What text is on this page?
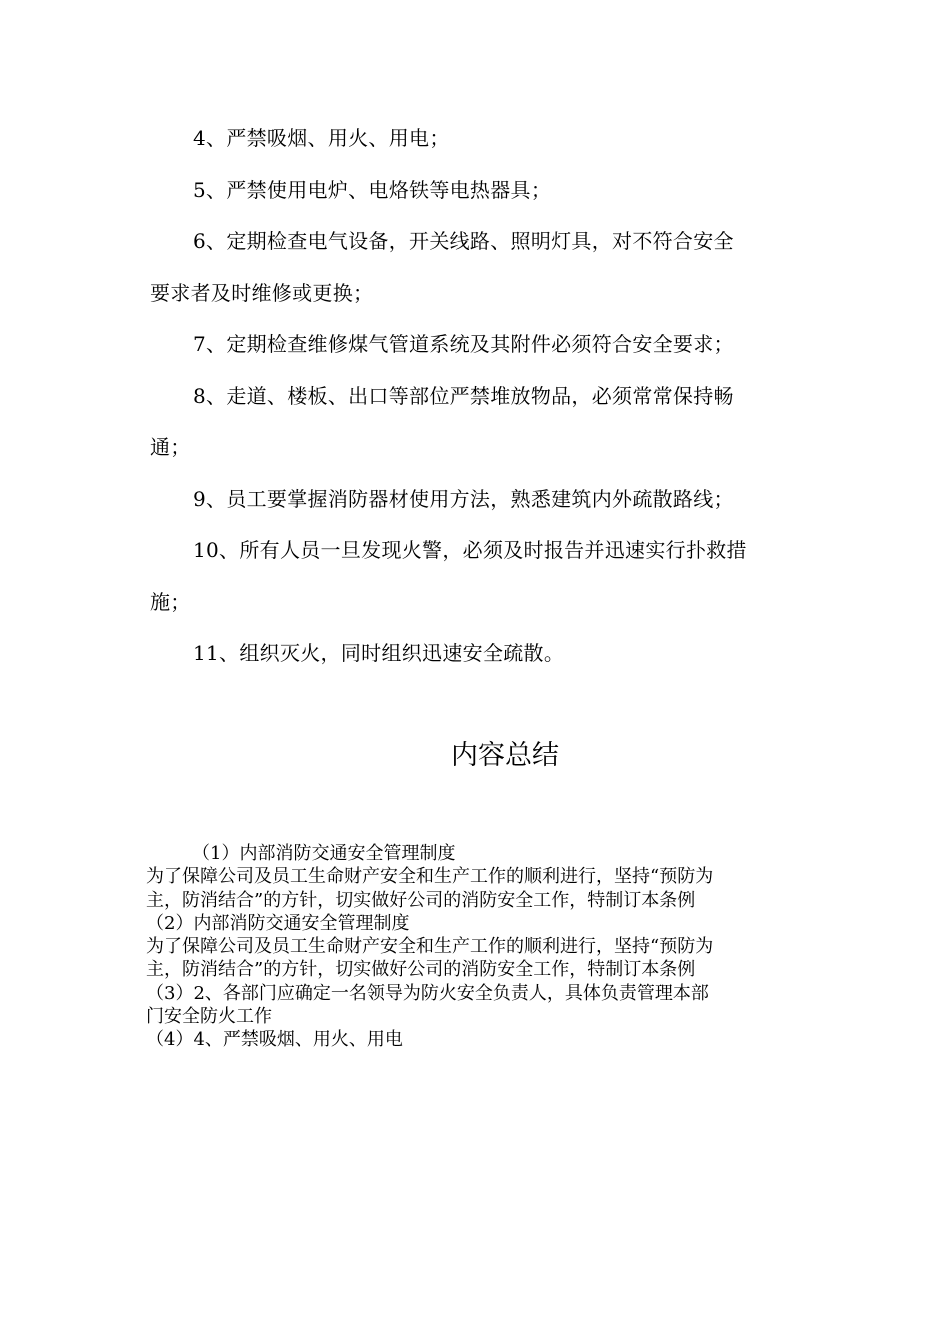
4、严禁吸烟、用火、用电；
5、严禁使用电炉、电烙铁等电热器具；
6、定期检查电气设备，开关线路、照明灯具，对不符合安全
要求者及时维修或更换；
7、定期检查维修煤气管道系统及其附件必须符合安全要求；
8、走道、楼板、出口等部位严禁堆放物品，必须常常保持畅
通；
9、员工要掌握消防器材使用方法，熟悉建筑内外疏散路线；
10、所有人员一旦发现火警，必须及时报告并迅速实行扑救措
施；
11、组织灭火，同时组织迅速安全疏散。
内容总结
（1）内部消防交通安全管理制度
为了保障公司及员工生命财产安全和生产工作的顺利进行，坚持“预防为
主，防消结合”的方针，切实做好公司的消防安全工作，特制订本条例
（2）内部消防交通安全管理制度
为了保障公司及员工生命财产安全和生产工作的顺利进行，坚持“预防为
主，防消结合”的方针，切实做好公司的消防安全工作，特制订本条例
（3）2、各部门应确定一名领导为防火安全负责人，具体负责管理本部
门安全防火工作
（4）4、严禁吸烟、用火、用电
